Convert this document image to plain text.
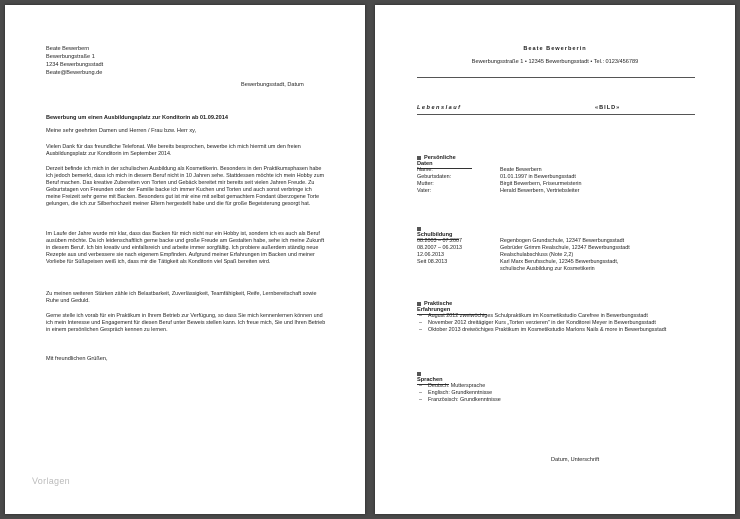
Beate Bewerbern
Bewerbungstraße 1
1234 Bewerbungsstadt
Beate@Bewerbung.de
Bewerbungsstadt, Datum
Bewerbung um einen Ausbildungsplatz zur Konditorin ab 01.09.2014
Meine sehr geehrten Damen und Herren / Frau bzw. Herr xy,
Vielen Dank für das freundliche Telefonat. Wie bereits besprochen, bewerbe ich mich hiermit um den freien Ausbildungsplatz zur Konditorin im September 2014.
Derzeit befinde ich mich in der schulischen Ausbildung als Kosmetikerin. Besonders in den Praktikumsphasen habe ich jedoch bemerkt, dass ich mich in diesem Beruf nicht in 10 Jahren sehe. Stattdessen möchte ich mein Hobby zum Beruf machen. Das kreative Zubereiten von Torten und Gebäck bereitet mir bereits seit vielen Jahren Freude. Zu Geburtstagen von Freunden oder der Familie backe ich immer Kuchen und Torten und auch sonst verbringe ich meine Freizeit sehr gerne mit Backen. Besonders gut ist mir eine mit selbst gemachtem Fondant überzogene Torte gelungen, die ich zur Silberhochzeit meiner Eltern hergestellt habe und die für große Begeisterung gesorgt hat.
Im Laufe der Jahre wurde mir klar, dass das Backen für mich nicht nur ein Hobby ist, sondern ich es auch als Beruf ausüben möchte. Da ich leidenschaftlich gerne backe und große Freude am Gestalten habe, sehe ich meine Zukunft in diesem Beruf. Ich bin kreativ und einfallsreich und arbeite immer sorgfältig. Ich probiere außerdem ständig neue Rezepte aus und verbessere sie nach eigenem Empfinden. Aufgrund meiner Erfahrungen im Backen und meiner Vorliebe für Süßspeisen weiß ich, dass mir die Tätigkeit als Konditorin viel Spaß bereiten wird.
Zu meinen weiteren Stärken zähle ich Belastbarkeit, Zuverlässigkeit, Teamfähigkeit, Reife, Lernbereitschaft sowie Ruhe und Geduld.
Gerne stelle ich vorab für ein Praktikum in Ihrem Betrieb zur Verfügung, so dass Sie mich kennenlernen können und ich mein Interesse und Engagement für diesen Beruf unter Beweis stellen kann. Ich freue mich, Sie und Ihren Betrieb in einem persönlichen Gespräch kennen zu lernen.
Mit freundlichen Grüßen,
Vorlagen
Beate Bewerberin
Bewerbungsstraße 1 • 12345 Bewerbungsstadt • Tel.: 0123/456789
Lebenslauf	«BILD»
Persönliche Daten
Name:	Beate Bewerbern
Geburtsdaten:	01.01.1997 in Bewerbungsstadt
Mutter:	Birgit Bewerbern, Friseurmeisterin
Vater:	Herald Bewerbern, Vertriebsleiter
Schulbildung
08.2003 – 07.2007	Regenbogen Grundschule, 12347 Bewerbungsstadt
08.2007 – 06.2013	Gebrüder Grimm Realschule, 12347 Bewerbungsstadt
12.06.2013	Realschulabschluss (Note 2,2)
Seit 08.2013	Karl Marx Berufsschule, 12345 Bewerbungsstadt,
schulische Ausbildung zur Kosmetikerin
Praktische Erfahrungen
– August 2012 zweiwöchiges Schulpraktikum im Kosmetikstudio Carefree in Bewerbungsstadt
– November 2012 dreitägiger Kurs „Torten verzieren" in der Konditorei Meyer in Bewerbungsstadt
– Oktober 2013 dreiwöchiges Praktikum im Kosmetikstudio Marlons Nails & more in Bewerbungsstadt
Sprachen
– Deutsch: Muttersprache
– Englisch: Grundkenntnisse
– Französisch: Grundkenntnisse
Datum, Unterschrift
